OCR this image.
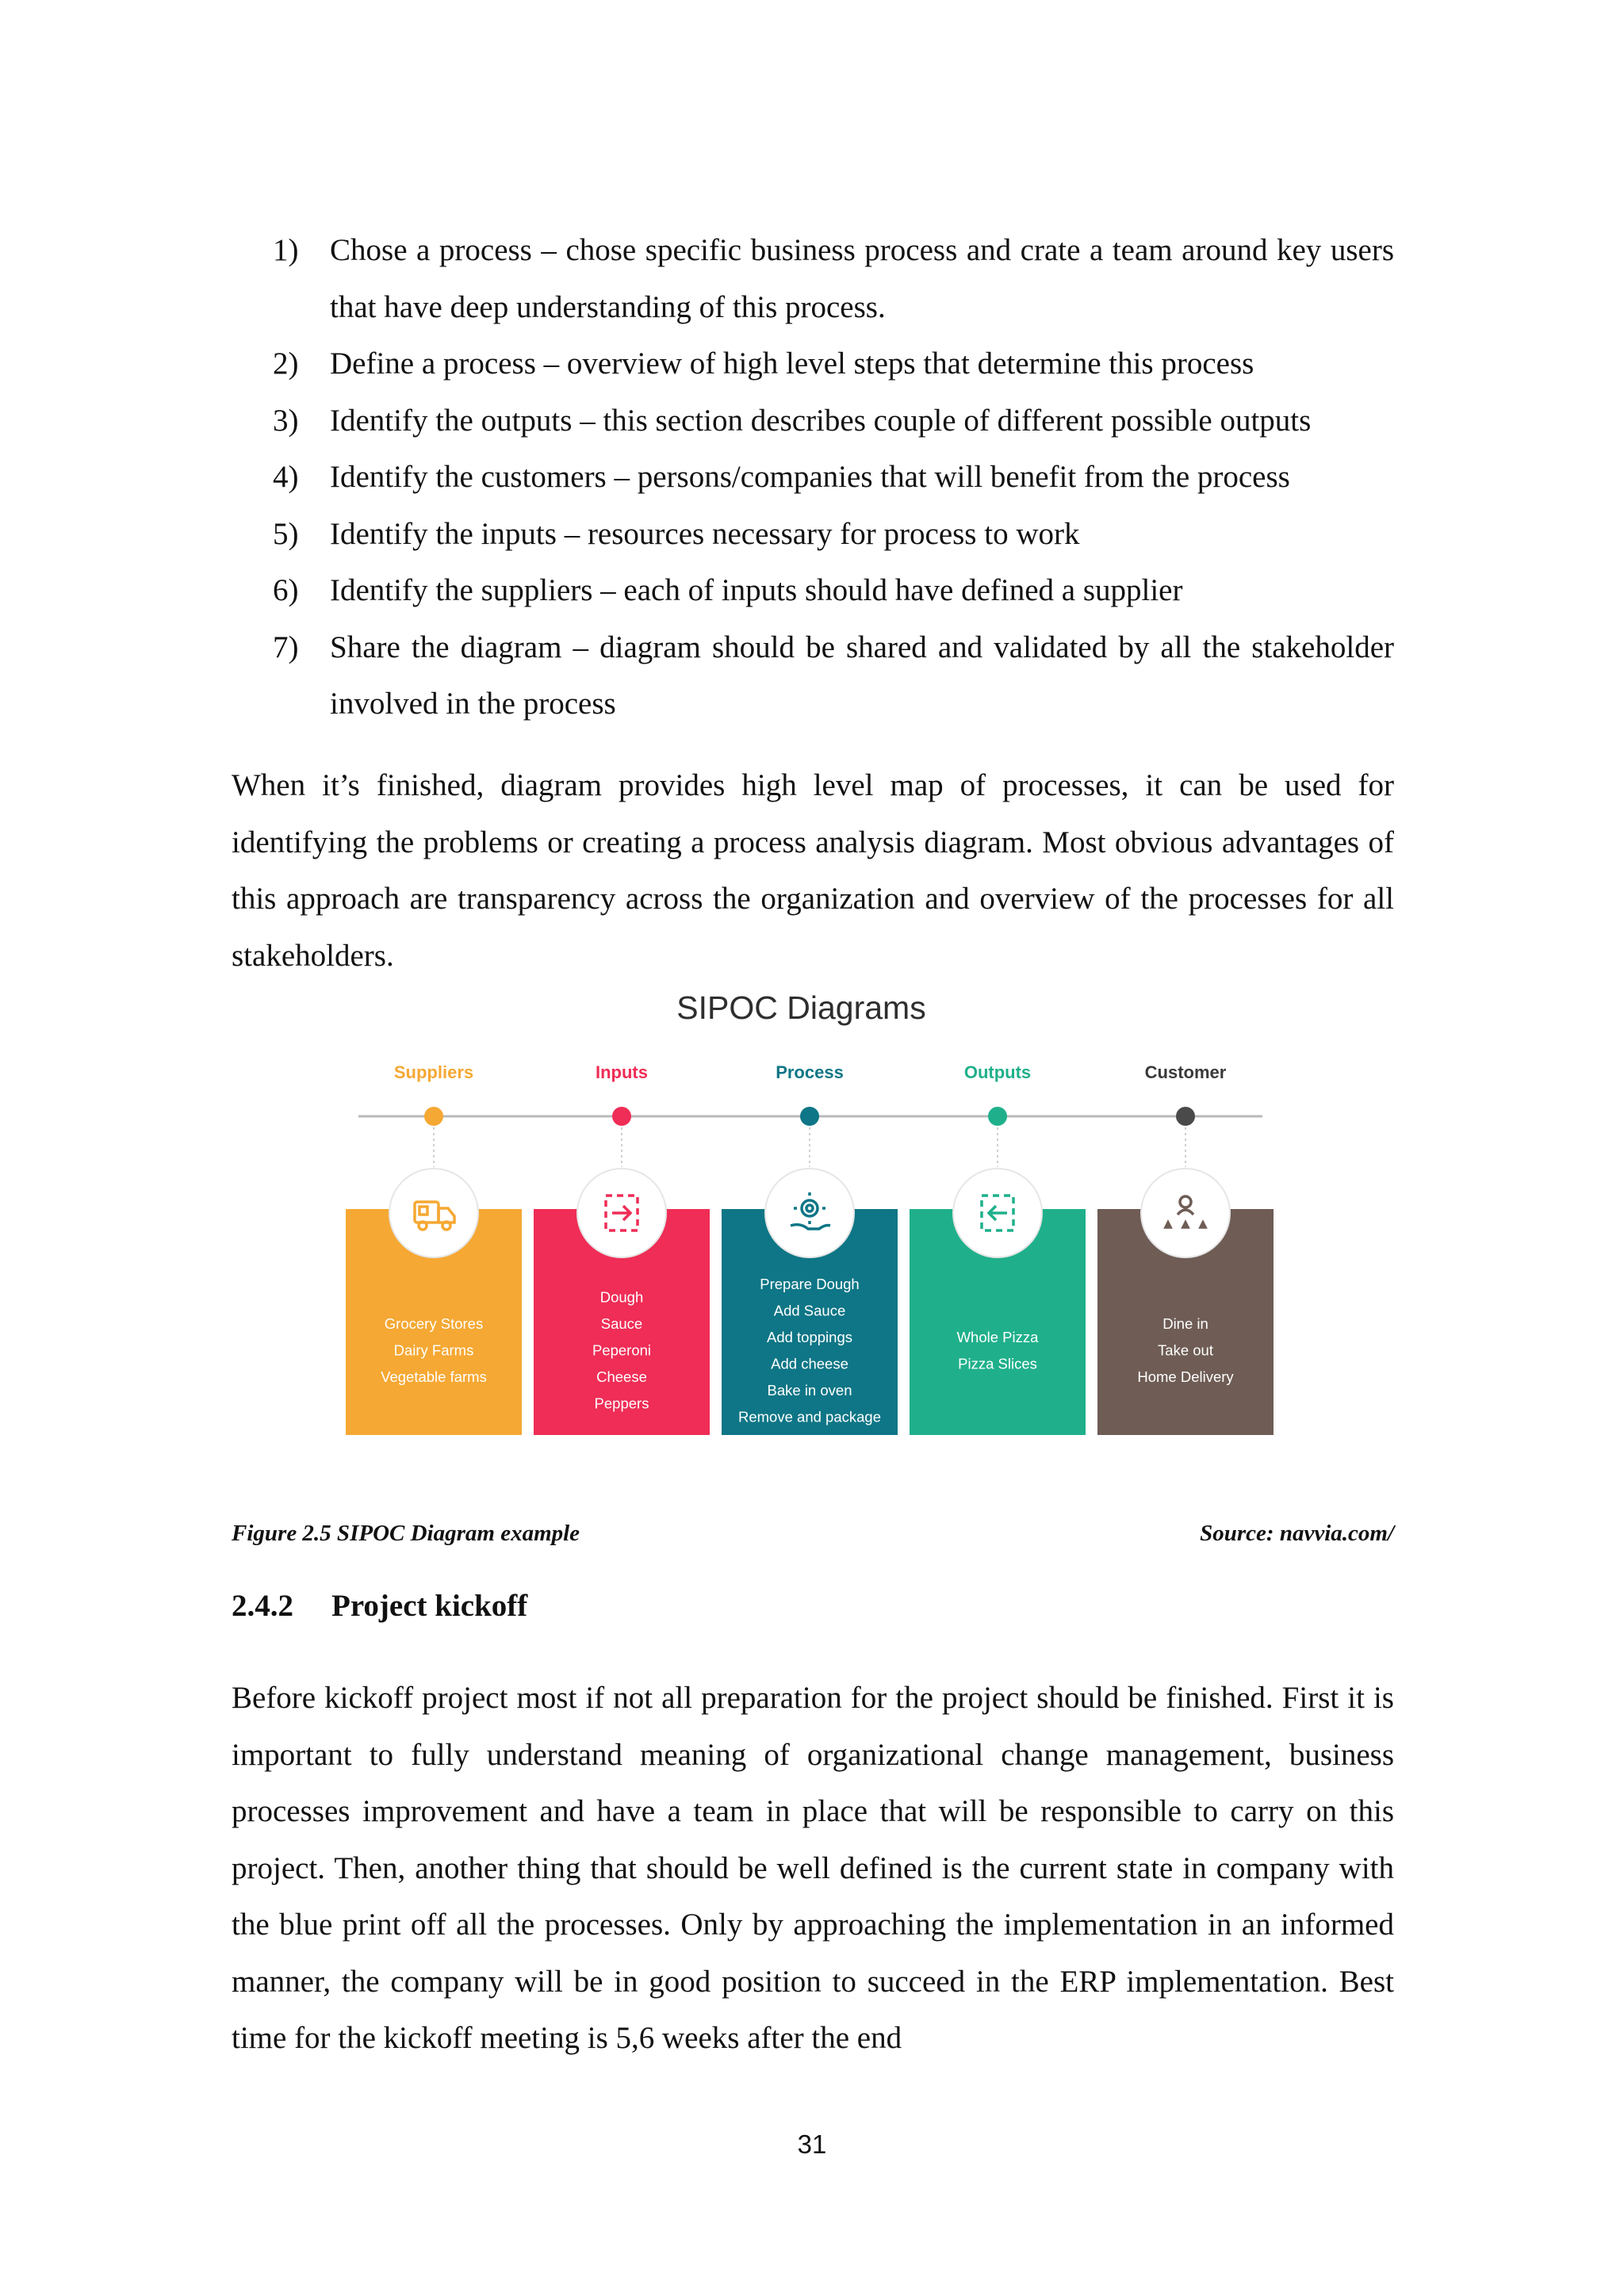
1)	Chose a process – chose specific business process and crate a team around key users that have deep understanding of this process.
2)	Define a process – overview of high level steps that determine this process
3)	Identify the outputs – this section describes couple of different possible outputs
4)	Identify the customers – persons/companies that will benefit from the process
5)	Identify the inputs – resources necessary for process to work
6)	Identify the suppliers – each of inputs should have defined a supplier
7)	Share the diagram – diagram should be shared and validated by all the stakeholder involved in the process

When it’s finished, diagram provides high level map of processes, it can be used for identifying the problems or creating a process analysis diagram. Most obvious advantages of this approach are transparency across the organization and overview of the processes for all stakeholders.

SIPOC Diagrams
Suppliers
Grocery Stores
Dairy Farms
Vegetable farms
Inputs
Dough
Sauce
Peperoni
Cheese
Peppers
Process
Prepare Dough
Add Sauce
Add toppings
Add cheese
Bake in oven
Remove and package
Outputs
Whole Pizza
Pizza Slices
Customer
Dine in
Take out
Home Delivery
Figure 2.5 SIPOC Diagram example	Source: navvia.com/
2.4.2 Project kickoff

Before kickoff project most if not all preparation for the project should be finished. First it is important to fully understand meaning of organizational change management, business processes improvement and have a team in place that will be responsible to carry on this project. Then, another thing that should be well defined is the current state in company with the blue print off all the processes. Only by approaching the implementation in an informed manner, the company will be in good position to succeed in the ERP implementation. Best time for the kickoff meeting is 5,6 weeks after the end

31
